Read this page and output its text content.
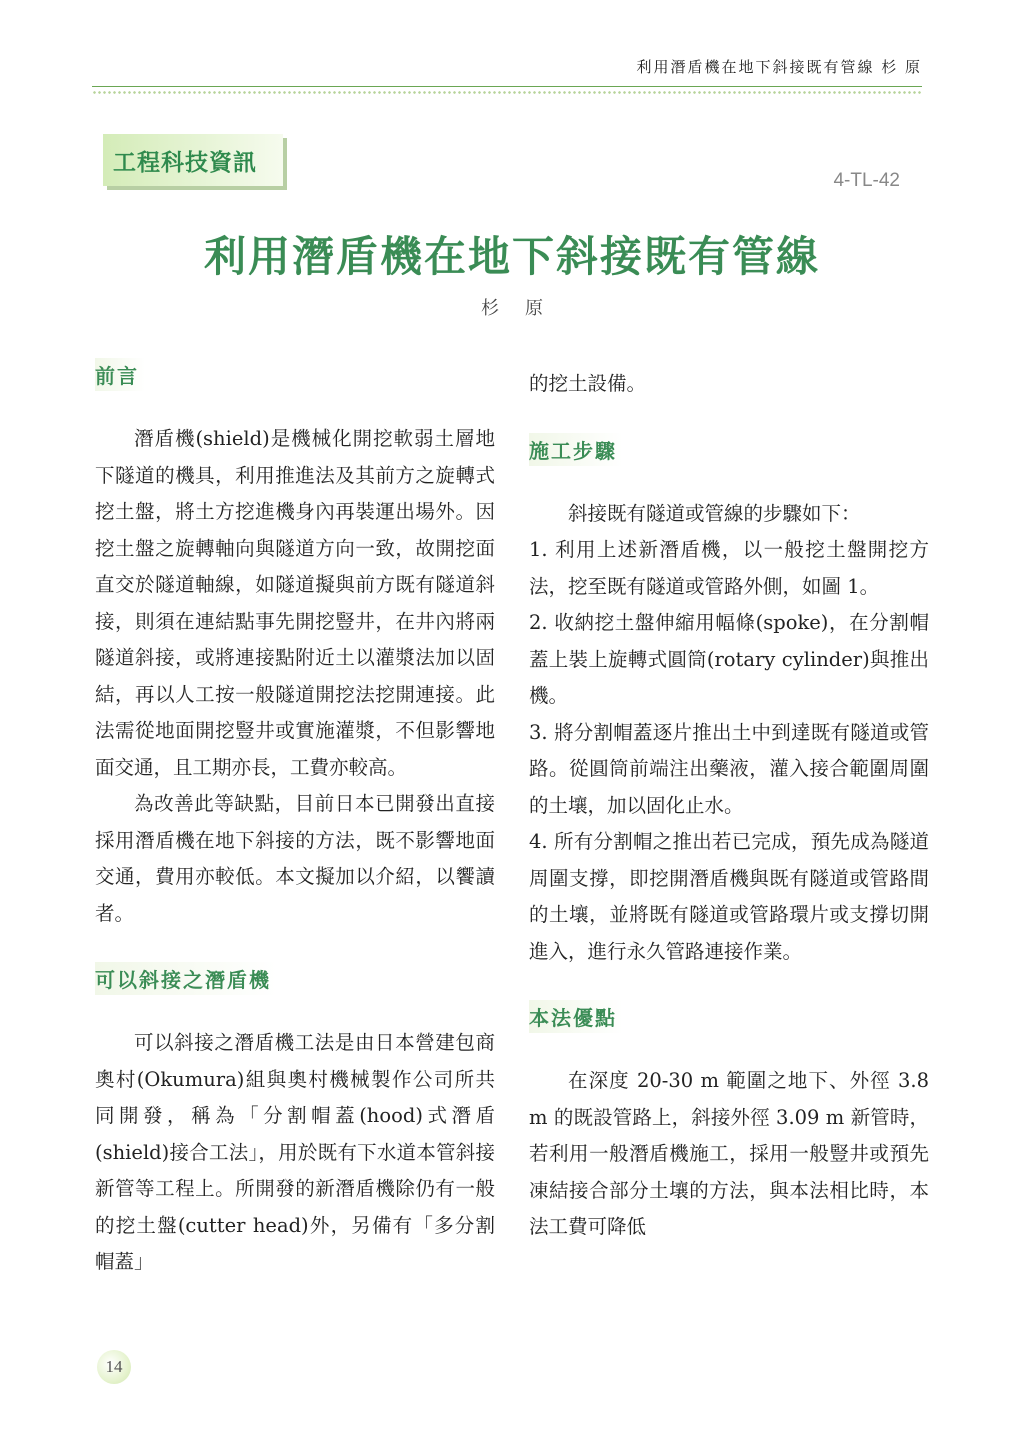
利用潛盾機在地下斜接既有管線 杉 原
工程科技資訊
4-TL-42
利用潛盾機在地下斜接既有管線
杉原
前言

潛盾機(shield)是機械化開挖軟弱土層地下隧道的機具，利用推進法及其前方之旋轉式挖土盤，將土方挖進機身內再裝運出場外。因挖土盤之旋轉軸向與隧道方向一致，故開挖面直交於隧道軸線，如隧道擬與前方既有隧道斜接，則須在連結點事先開挖豎井，在井內將兩隧道斜接，或將連接點附近土以灌漿法加以固結，再以人工按一般隧道開挖法挖開連接。此法需從地面開挖豎井或實施灌漿，不但影響地面交通，且工期亦長，工費亦較高。

為改善此等缺點，目前日本已開發出直接採用潛盾機在地下斜接的方法，既不影響地面交通，費用亦較低。本文擬加以介紹，以饗讀者。

可以斜接之潛盾機

可以斜接之潛盾機工法是由日本營建包商奧村(Okumura)組與奧村機械製作公司所共同開發，稱為「分割帽蓋(hood)式潛盾(shield)接合工法」，用於既有下水道本管斜接新管等工程上。所開發的新潛盾機除仍有一般的挖土盤(cutter head)外，另備有「多分割帽蓋」

的挖土設備。

施工步驟

斜接既有隧道或管線的步驟如下：

1. 利用上述新潛盾機，以一般挖土盤開挖方法，挖至既有隧道或管路外側，如圖 1。

2. 收納挖土盤伸縮用幅條(spoke)，在分割帽蓋上裝上旋轉式圓筒(rotary cylinder)與推出機。

3. 將分割帽蓋逐片推出土中到達既有隧道或管路。從圓筒前端注出藥液，灌入接合範圍周圍的土壤，加以固化止水。

4. 所有分割帽之推出若已完成，預先成為隧道周圍支撐，即挖開潛盾機與既有隧道或管路間的土壤，並將既有隧道或管路環片或支撐切開進入，進行永久管路連接作業。

本法優點

在深度 20-30 m 範圍之地下、外徑 3.8 m 的既設管路上，斜接外徑 3.09 m 新管時，若利用一般潛盾機施工，採用一般豎井或預先凍結接合部分土壤的方法，與本法相比時，本法工費可降低

14
